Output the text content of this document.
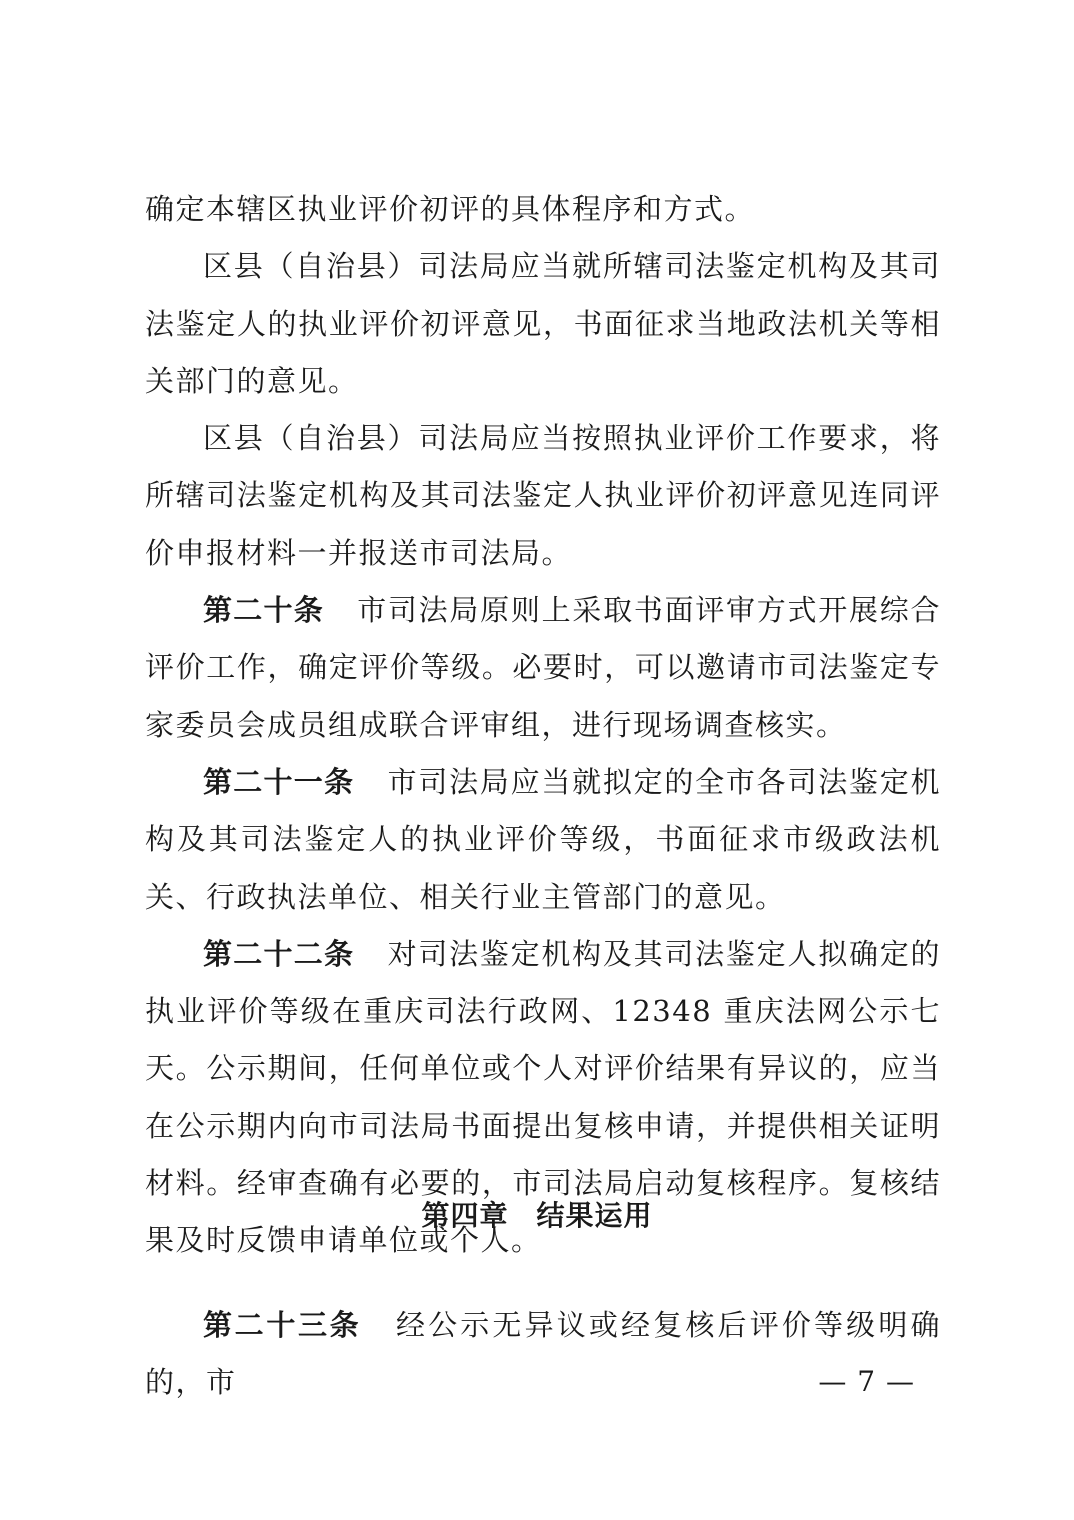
确定本辖区执业评价初评的具体程序和方式。

区县（自治县）司法局应当就所辖司法鉴定机构及其司法鉴定人的执业评价初评意见，书面征求当地政法机关等相关部门的意见。

区县（自治县）司法局应当按照执业评价工作要求，将所辖司法鉴定机构及其司法鉴定人执业评价初评意见连同评价申报材料一并报送市司法局。

第二十条 市司法局原则上采取书面评审方式开展综合评价工作，确定评价等级。必要时，可以邀请市司法鉴定专家委员会成员组成联合评审组，进行现场调查核实。

第二十一条 市司法局应当就拟定的全市各司法鉴定机构及其司法鉴定人的执业评价等级，书面征求市级政法机关、行政执法单位、相关行业主管部门的意见。

第二十二条 对司法鉴定机构及其司法鉴定人拟确定的执业评价等级在重庆司法行政网、12348 重庆法网公示七天。公示期间，任何单位或个人对评价结果有异议的，应当在公示期内向市司法局书面提出复核申请，并提供相关证明材料。经审查确有必要的，市司法局启动复核程序。复核结果及时反馈申请单位或个人。

第四章 结果运用

第二十三条 经公示无异议或经复核后评价等级明确的，市	— 7 —
